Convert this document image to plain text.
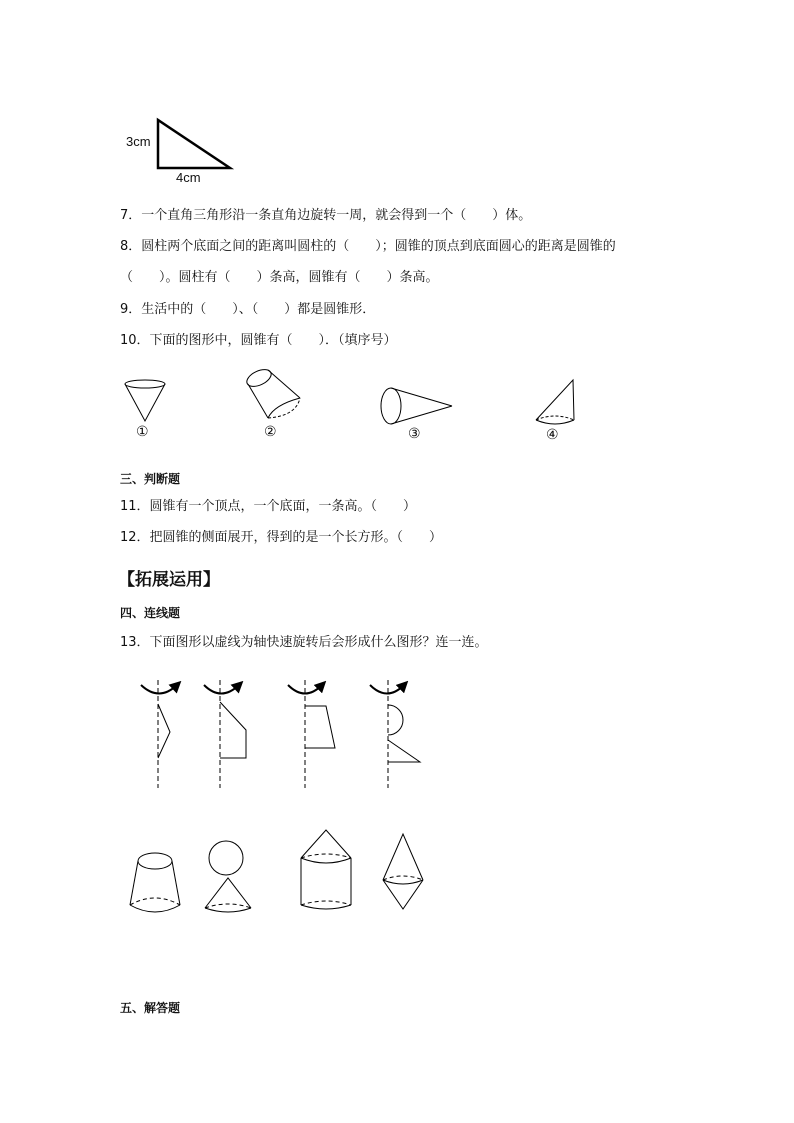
3cm
4cm
7．一个直角三角形沿一条直角边旋转一周，就会得到一个（　　）体。
8．圆柱两个底面之间的距离叫圆柱的（　　）；圆锥的顶点到底面圆心的距离是圆锥的
（　　）。圆柱有（　　）条高，圆锥有（　　）条高。
9．生活中的（　　）、（　　）都是圆锥形．
10．下面的图形中，圆锥有（　　）．（填序号）
①	②	③	④
三、判断题
11．圆锥有一个顶点，一个底面，一条高。（　　）
12．把圆锥的侧面展开，得到的是一个长方形。（　　）
【拓展运用】
四、连线题
13．下面图形以虚线为轴快速旋转后会形成什么图形？连一连。
五、解答题
